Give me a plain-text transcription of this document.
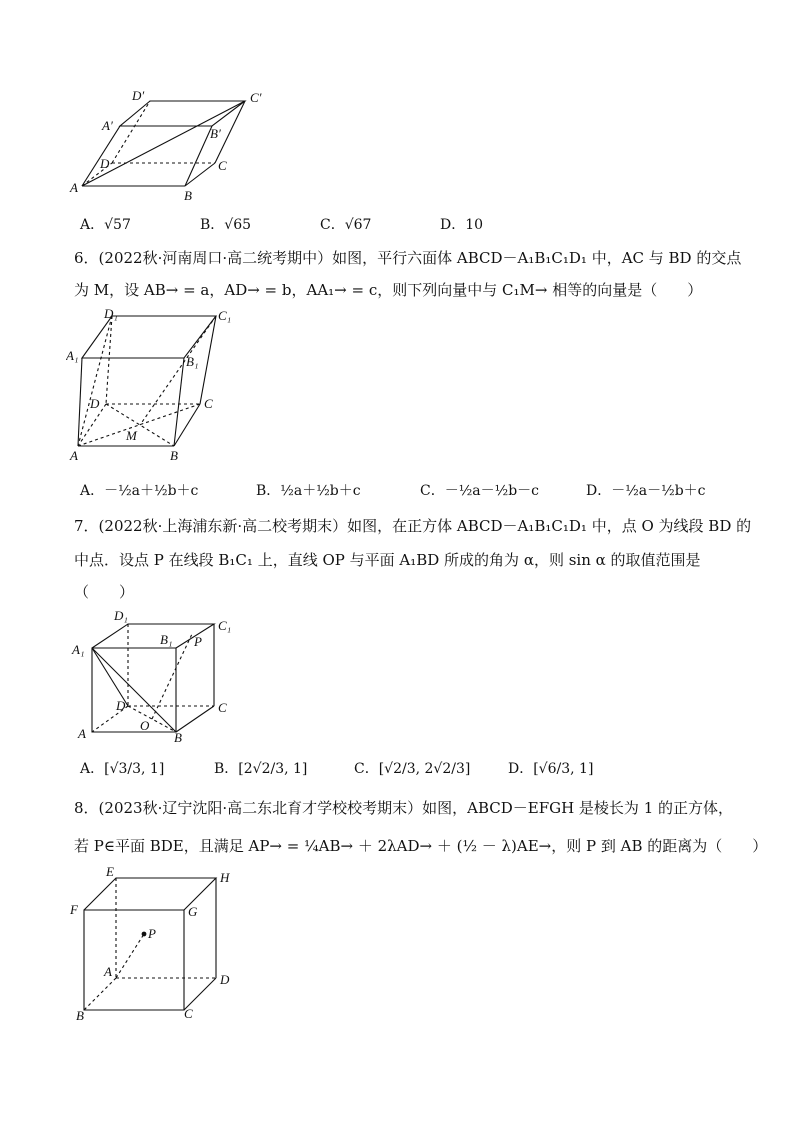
D′	C′
A′
B′
D	C
A
B
A．√57	B．√65	C．√67	D．10
6．(2022秋·河南周口·高二统考期中）如图，平行六面体 ABCD－A₁B₁C₁D₁ 中，AC 与 BD 的交点
为 M，设 AB→ = a，AD→ = b，AA₁→ = c，则下列向量中与 C₁M→ 相等的向量是（　　）
D₁	C₁
A₁	B₁
D	C
M
A	B
A．－½a＋½b＋c	B．½a＋½b＋c	C．－½a－½b－c	D．－½a－½b＋c
7．(2022秋·上海浦东新·高二校考期末）如图，在正方体 ABCD－A₁B₁C₁D₁ 中，点 O 为线段 BD 的
中点．设点 P 在线段 B₁C₁ 上，直线 OP 与平面 A₁BD 所成的角为 α，则 sin α 的取值范围是
（　　）
D₁
C₁
B₁ P
A₁
D	C
O
A	B
A．[√3/3, 1]	B．[2√2/3, 1]	C．[√2/3, 2√2/3]	D．[√6/3, 1]
8．(2023秋·辽宁沈阳·高二东北育才学校校考期末）如图，ABCD－EFGH 是棱长为 1 的正方体，
若 P∈平面 BDE，且满足 AP→ = ¼AB→ ＋ 2λAD→ ＋ (½ － λ)AE→，则 P 到 AB 的距离为（　　）
E	H
F	G
P
A
D
B	C
